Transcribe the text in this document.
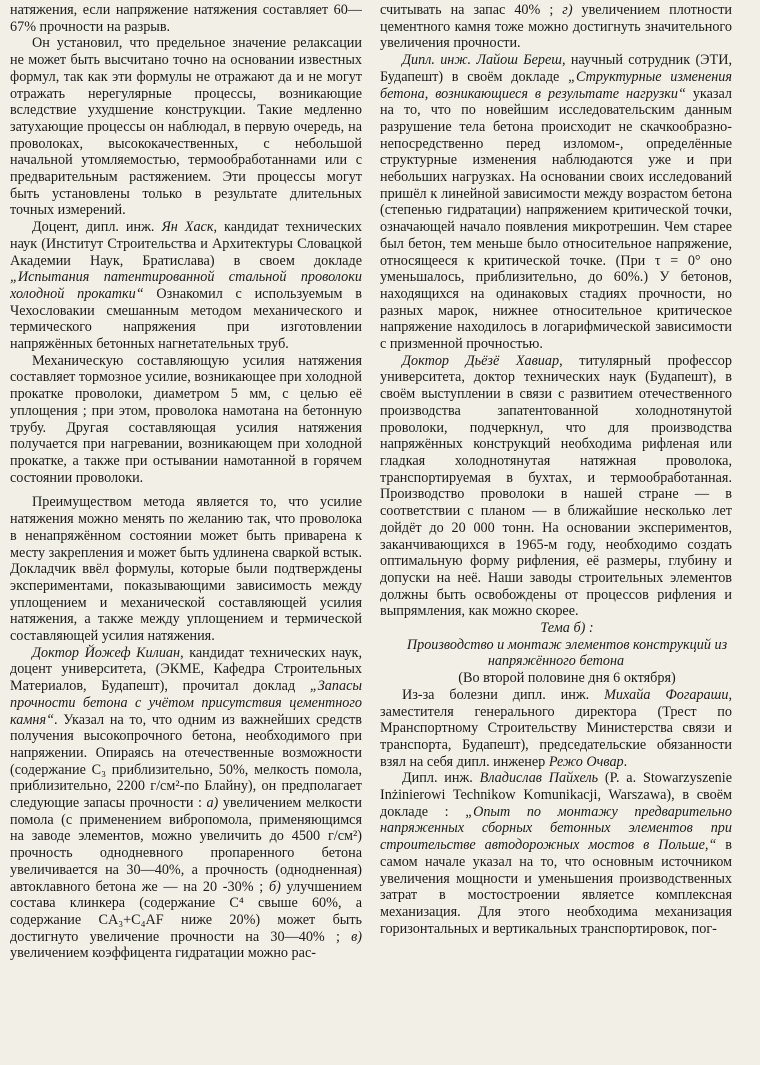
натяжения, если напряжение натяжения составляет 60—67% прочности на разрыв.

Он установил, что предельное значение релаксации не может быть высчитано точно на основании известных формул, так как эти формулы не отражают да и не могут отражать нерегулярные процессы, возникающие вследствие ухудшение конструкции. Такие медленно затухающие процессы он наблюдал, в первую очередь, на проволоках, высококачественных, с небольшой начальной утомляемостью, термообработаннами или с предварительным растяжением. Эти процессы могут быть установлены только в результате длительных точных измерений.

Доцент, дипл. инж. Ян Хаск, кандидат технических наук (Институт Строительства и Архитектуры Словацкой Академии Наук, Братислава) в своем докладе „Испытания патентированной стальной проволоки холодной прокатки“ Ознакомил с используемым в Чехословакии смешанным методом механического и термического напряжения при изготовлении напряжённых бетонных нагнетательных труб.

Механическую составляющую усилия натяжения составляет тормозное усилие, возникающее при холодной прокатке проволоки, диаметром 5 мм, с целью её уплощения ; при этом, проволока намотана на бетонную трубу. Другая составляющая усилия натяжения получается при нагревании, возникающем при холодной прокатке, а также при остывании намотанной в горячем состоянии проволоки.

Преимуществом метода является то, что усилие натяжения можно менять по желанию так, что проволока в ненапряжённом состоянии может быть приварена к месту закрепления и может быть удлинена сваркой встык. Докладчик ввёл формулы, которые были подтверждены экспериментами, показывающими зависимость между уплощением и механической составляющей усилия натяжения, а также между уплощением и термической составляющей усилия натяжения.

Доктор Йожеф Килиан, кандидат технических наук, доцент университета, (ЭКМЕ, Кафедра Строительных Материалов, Будапешт), прочитал доклад „Запасы прочности бетона с учётом присутствия цементного камня“. Указал на то, что одним из важнейших средств получения высокопрочного бетона, необходимого при напряжении. Опираясь на отечественные возможности (содержание C₃ приблизительно, 50%, мелкость помола, приблизительно, 2200 г/см²-по Блайну), он предполагает следующие запасы прочности : а) увеличением мелкости помола (с применением вибропомола, применяющимся на заводе элементов, можно увеличить до 4500 г/см²) прочность однодневного пропаренного бетона увеличивается на 30—40%, а прочность (однодненная) автоклавного бетона же — на 20 -30% ; б) улучшением состава клинкера (содержание C⁴ свыше 60%, а содержание CA₃+C₄AF ниже 20%) может быть достигнуто увеличение прочности на 30—40% ; в) увеличением коэффицента гидратации можно рас-

считывать на запас 40% ; г) увеличением плотности цементного камня тоже можно достигнуть значительного увеличения прочности.

Дипл. инж. Лайош Береш, научный сотрудник (ЭТИ, Будапешт) в своём докладе „Структурные изменения бетона, возникающиеся в результате нагрузки“ указал на то, что по новейшим исследовательским данным разрушение тела бетона происходит не скачкообразно-непосредственно перед изломом-, определённые структурные изменения наблюдаются уже и при небольших нагрузках. На основании своих исследований пришёл к линейной зависимости между возрастом бетона (степенью гидратации) напряжением критической точки, означающей начало появления микротрешин. Чем старее был бетон, тем меньше было относительное напряжение, относящееся к критической точке. (При τ = 0° оно уменьшалось, приблизительно, до 60%.) У бетонов, находящихся на одинаковых стадиях прочности, но разных марок, нижнее относительное критическое напряжение находилось в логарифмической зависимости с призменной прочностью.

Доктор Дьёзё Хавиар, титулярный профессор университета, доктор технических наук (Будапешт), в своём выступлении в связи с развитием отечественного производства запатентованной холоднотянутой проволоки, подчеркнул, что для производства напряжённых конструкций необходима рифленая или гладкая холоднотянутая натяжная проволока, транспортируемая в бухтах, и термообработанная. Производство проволоки в нашей стране — в соответствии с планом — в ближайшие несколько лет дойдёт до 20 000 тонн. На основании экспериментов, заканчивающихся в 1965-м году, необходимо создать оптимальную форму рифления, её размеры, глубину и допуски на неё. Наши заводы строительных элементов должны быть освобождены от процессов рифления и выпрямления, как можно скорее.

Тема б) :

Производство и монтаж элементов конструкций из напряжённого бетона

(Во второй половине дня 6 октября)

Из-за болезни дипл. инж. Михайа Фогараши, заместителя генерального директора (Трест по Мранспортному Строительству Министерства связи и транспорта, Будапешт), председательские обязанности взял на себя дипл. инженер Режо Очвар.

Дипл. инж. Владислав Пайхель (P. a. Stowarzyszenie Inżinierowi Technikow Komunikacji, Warszawa), в своём докладе : „Опыт по монтажу предварительно напряженных сборных бетонных элементов при строительстве автодорожных мостов в Польше,“ в самом начале указал на то, что основным источником увеличения мощности и уменьшения производственных затрат в мостостроении являетсе комплексная механизация. Для этого необходима механизация горизонтальных и вертикальных транспортировок, пог-
